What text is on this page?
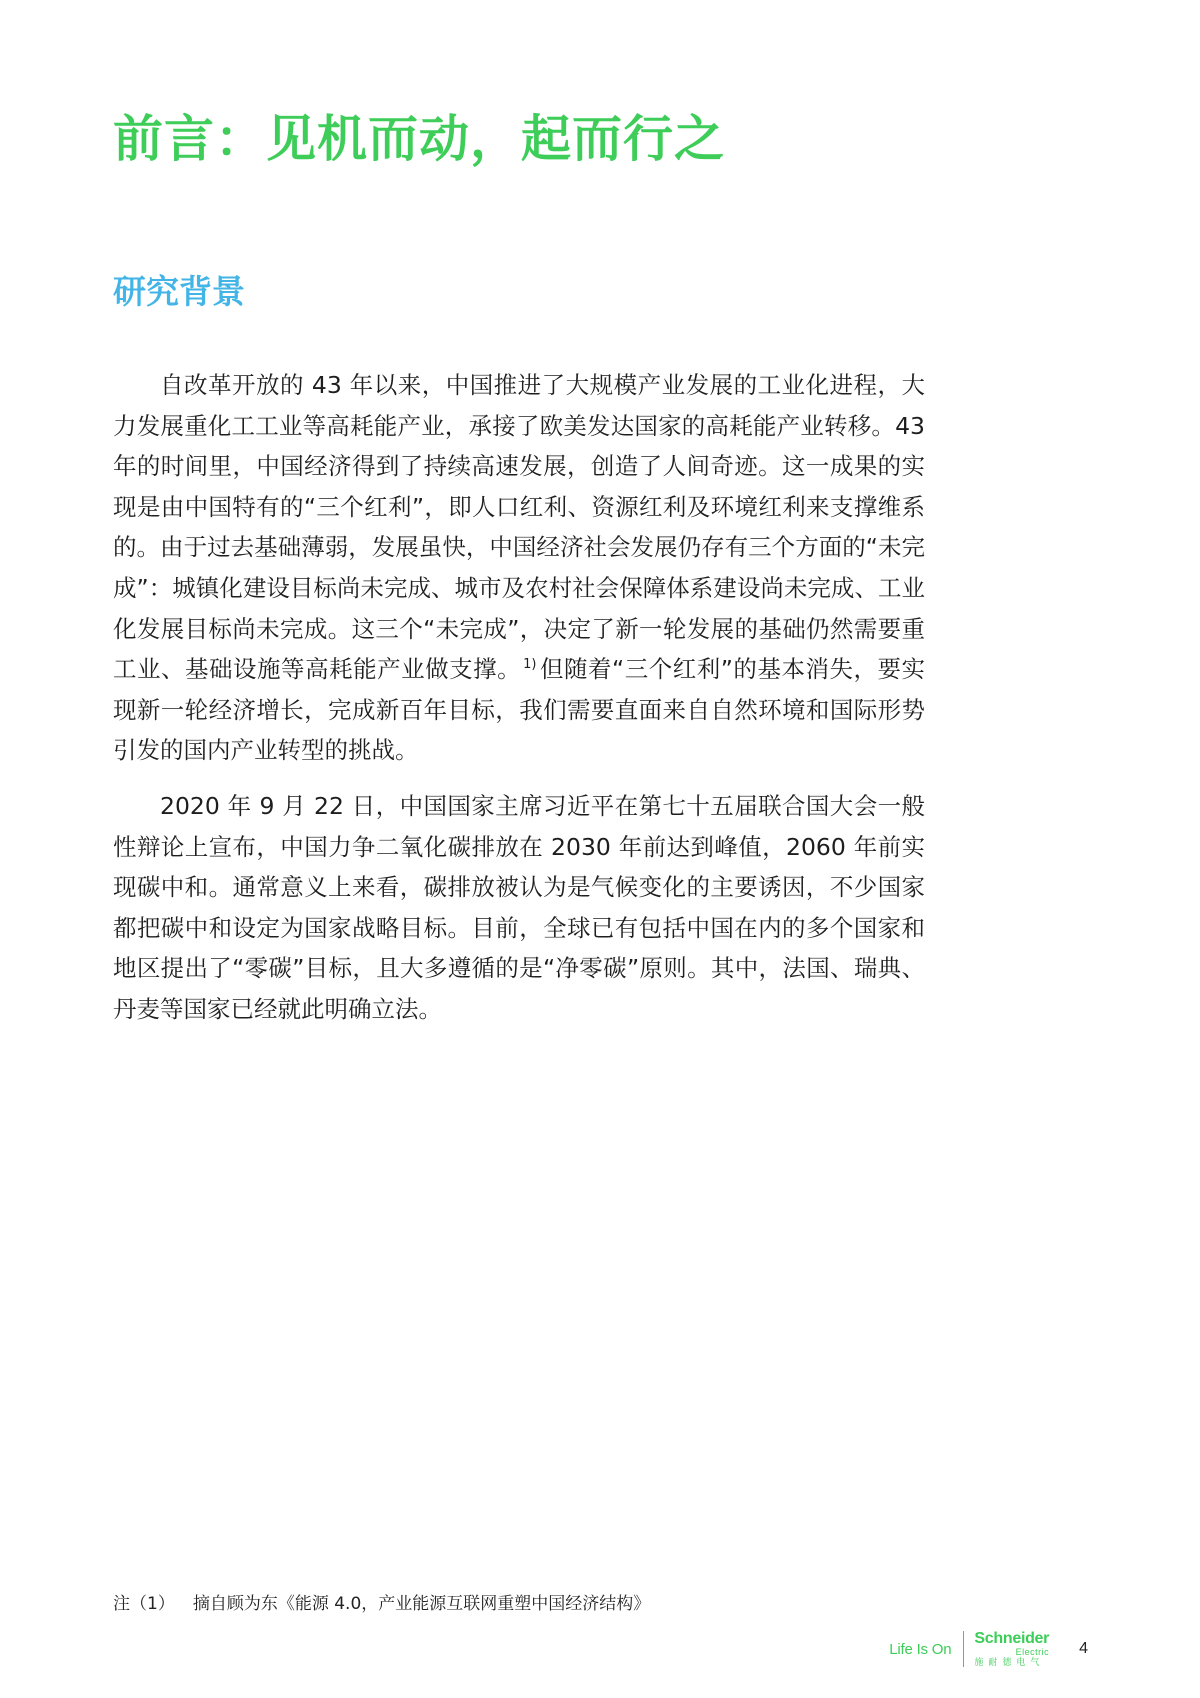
前言：见机而动，起而行之
研究背景

自改革开放的 43 年以来，中国推进了大规模产业发展的工业化进程，大力发展重化工工业等高耗能产业，承接了欧美发达国家的高耗能产业转移。43 年的时间里，中国经济得到了持续高速发展，创造了人间奇迹。这一成果的实现是由中国特有的“三个红利”，即人口红利、资源红利及环境红利来支撑维系的。由于过去基础薄弱，发展虽快，中国经济社会发展仍存有三个方面的“未完成”：城镇化建设目标尚未完成、城市及农村社会保障体系建设尚未完成、工业化发展目标尚未完成。这三个“未完成”，决定了新一轮发展的基础仍然需要重工业、基础设施等高耗能产业做支撑。 $^{1)}$ 但随着“三个红利”的基本消失，要实现新一轮经济增长，完成新百年目标，我们需要直面来自自然环境和国际形势引发的国内产业转型的挑战。

2020 年 9 月 22 日，中国国家主席习近平在第七十五届联合国大会一般性辩论上宣布，中国力争二氧化碳排放在 2030 年前达到峰值，2060 年前实现碳中和。通常意义上来看，碳排放被认为是气候变化的主要诱因，不少国家都把碳中和设定为国家战略目标。目前，全球已有包括中国在内的多个国家和地区提出了“零碳”目标，且大多遵循的是“净零碳”原则。其中，法国、瑞典、丹麦等国家已经就此明确立法。

注（1） 摘自顾为东《能源 4.0，产业能源互联网重塑中国经济结构》
Life Is On
Schneider
Electric
施耐德电气
4
